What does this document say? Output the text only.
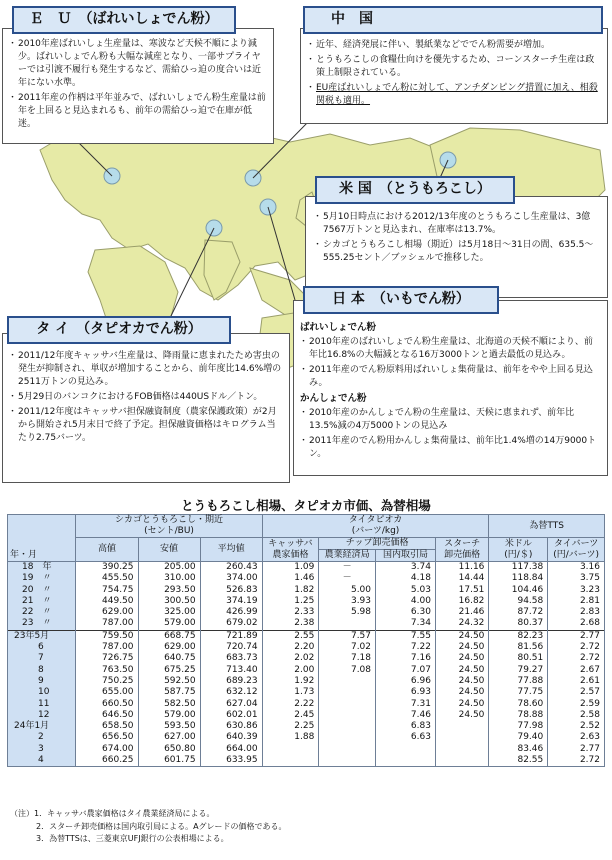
・ 2010年産ばれいしょ生産量は、寒波など天候不順により減少。ばれいしょでん粉も大幅な減産となり、一部サプライヤーでは引渡不履行も発生するなど、需給ひっ迫の度合いは近年にない水準。
・ 2011年産の作柄は平年並みで、ばれいしょでん粉生産量は前年を上回ると見込まれるも、前年の需給ひっ迫で在庫が低迷。
Ｅ　Ｕ　（ばれいしょでん粉）
・ 近年、経済発展に伴い、製紙業などででん粉需要が増加。
・ とうもろこしの食糧仕向けを優先するため、コーンスターチ生産は政策上制限されている。
・ EU産ばれいしょでん粉に対して、アンチダンピング措置に加え、相殺関税も適用。
中　国
・ 5月10日時点における2012/13年度のとうもろこし生産量は、3億7567万トンと見込まれ、在庫率は13.7%。
・ シカゴとうもろこし相場（期近）は5月18日～31日の間、635.5～555.25セント／ブッシェルで推移した。
米 国　（とうもろこし）
ばれいしょでん粉
・ 2010年産のばれいしょでん粉生産量は、北海道の天候不順により、前年比16.8%の大幅減となる16万3000トンと過去最低の見込み。
・ 2011年産のでん粉原料用ばれいしょ集荷量は、前年をやや上回る見込み。
かんしょでん粉
・ 2010年産のかんしょでん粉の生産量は、天候に恵まれず、前年比13.5%減の4万5000トンの見込み
・ 2011年産のでん粉用かんしょ集荷量は、前年比1.4%増の14万9000トン。
日 本　（いもでん粉）
・ 2011/12年度キャッサバ生産量は、降雨量に恵まれたため害虫の発生が抑制され、単収が増加することから、前年度比14.6%増の2511万トンの見込み。
・ 5月29日のバンコクにおけるFOB価格は440USドル／トン。
・ 2011/12年度はキャッサバ担保融資制度（農家保護政策）が2月から開始され5月末日で終了予定。担保融資価格はキログラム当たり2.75バーツ。
タ イ　（タピオカでん粉）
とうもろこし相場、タピオカ市価、為替相場
年・月	シカゴとうもろこし・期近
(セント/BU)			タイタピオカ
(バーツ/kg)				為替TTS	
	高値	安値	平均値	キャッサバ
農家価格	チップ卸売価格		スターチ
卸売価格	米ドル
(円/＄)	タイバーツ
(円/バーツ)
					農業経済局	国内取引局			
18　年	390.25	205.00	260.43	1.09	－	3.74	11.16	117.38	3.16
19　〃	455.50	310.00	374.00	1.46	－	4.18	14.44	118.84	3.75
20　〃	754.75	293.50	526.83	1.82	5.00	5.03	17.51	104.46	3.23
21　〃	449.50	300.50	374.19	1.25	3.93	4.00	16.82	94.58	2.81
22　〃	629.00	325.00	426.99	2.33	5.98	6.30	21.46	87.72	2.83
23　〃	787.00	579.00	679.02	2.38		7.34	24.32	80.37	2.68
23年5月	759.50	668.75	721.89	2.55	7.57	7.55	24.50	82.23	2.77
6	787.00	629.00	720.74	2.20	7.02	7.22	24.50	81.56	2.72
7	726.75	640.75	683.73	2.02	7.18	7.16	24.50	80.51	2.72
8	763.50	675.25	713.40	2.00	7.08	7.07	24.50	79.27	2.67
9	750.25	592.50	689.23	1.92		6.96	24.50	77.88	2.61
10	655.00	587.75	632.12	1.73		6.93	24.50	77.75	2.57
11	660.50	582.50	627.04	2.22		7.31	24.50	78.60	2.59
12	646.50	579.00	602.01	2.45		7.46	24.50	78.88	2.58
24年1月	658.50	593.50	630.86	2.25		6.83		77.98	2.52
2	656.50	627.00	640.39	1.88		6.63		79.40	2.63
3	674.00	650.80	664.00					83.46	2.77
4	660.25	601.75	633.95					82.55	2.72
（注）1．キャッサバ農家価格はタイ農業経済局による。
2．スターチ卸売価格は国内取引局による。Aグレードの価格である。
3．為替TTSは、三菱東京UFJ銀行の公表相場による。
